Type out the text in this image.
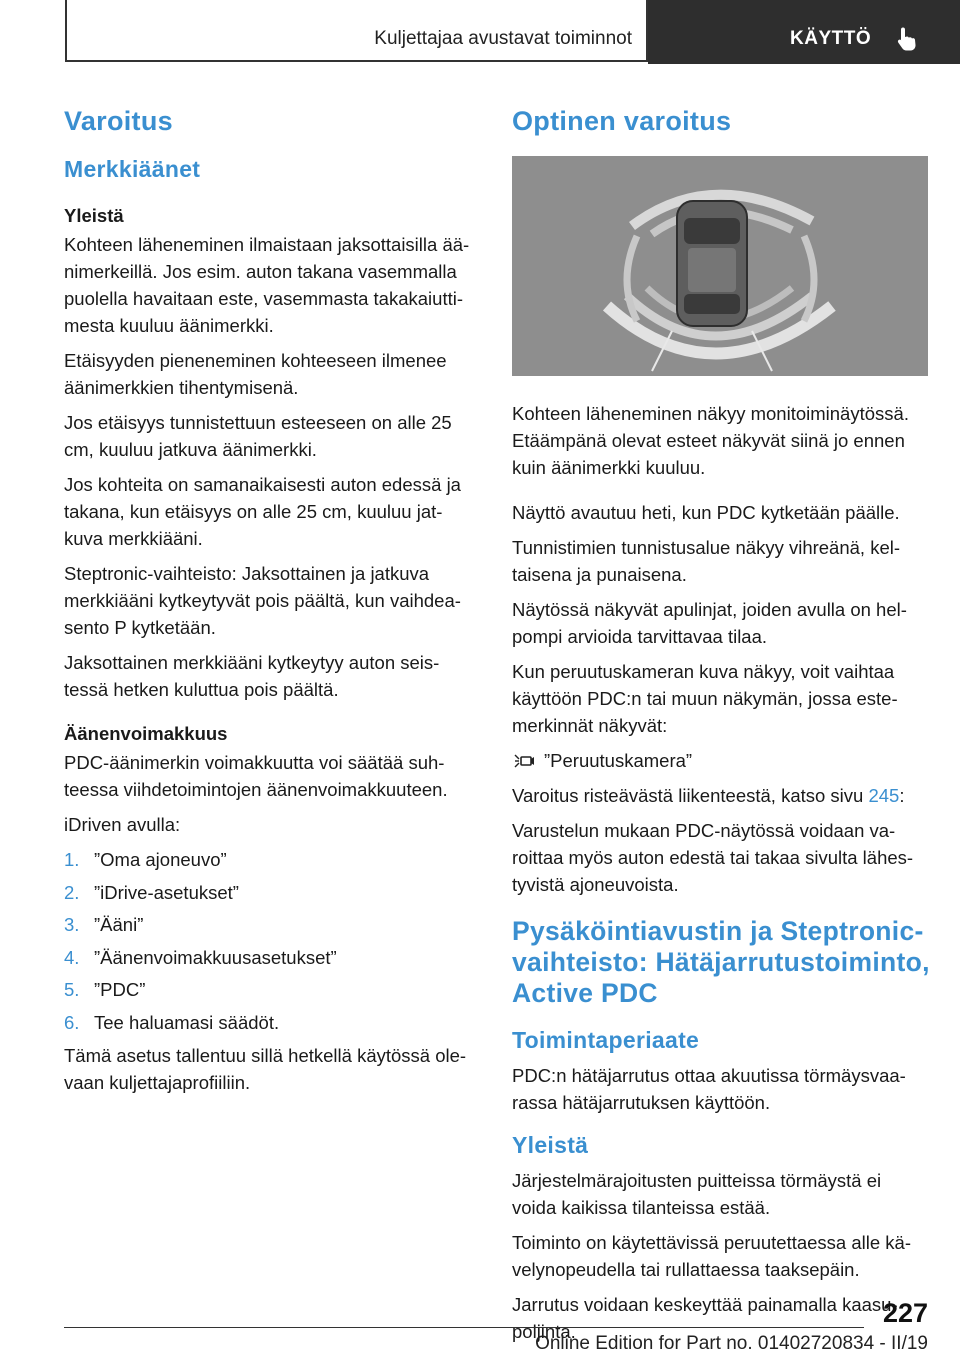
Kuljettajaa avustavat toiminnot	KÄYTTÖ
Varoitus
Merkkiäänet
Yleistä

Kohteen läheneminen ilmaistaan jaksottaisilla ää‐ nimerkeillä. Jos esim. auton takana vasemmalla puolella havaitaan este, vasemmasta takakaiutti‐ mesta kuuluu äänimerkki.

Etäisyyden pieneneminen kohteeseen ilmenee äänimerkkien tihentymisenä.

Jos etäisyys tunnistettuun esteeseen on alle 25 cm, kuuluu jatkuva äänimerkki.

Jos kohteita on samanaikaisesti auton edessä ja takana, kun etäisyys on alle 25 cm, kuuluu jat‐ kuva merkkiääni.

Steptronic-vaihteisto: Jaksottainen ja jatkuva merkkiääni kytkeytyvät pois päältä, kun vaihdea‐ sento P kytketään.

Jaksottainen merkkiääni kytkeytyy auton seis‐ tessä hetken kuluttua pois päältä.

Äänenvoimakkuus

PDC-äänimerkin voimakkuutta voi säätää suh‐ teessa viihdetoimintojen äänenvoimakkuuteen.

iDriven avulla:

1. ”Oma ajoneuvo”
2. ”iDrive-asetukset”
3. ”Ääni”
4. ”Äänenvoimakkuusasetukset”
5. ”PDC”
6. Tee haluamasi säädöt.

Tämä asetus tallentuu sillä hetkellä käytössä ole‐ vaan kuljettajaprofiiliin.

Optinen varoitus

Kohteen läheneminen näkyy monitoiminäytössä. Etäämpänä olevat esteet näkyvät siinä jo ennen kuin äänimerkki kuuluu.

Näyttö avautuu heti, kun PDC kytketään päälle.

Tunnistimien tunnistusalue näkyy vihreänä, kel‐ taisena ja punaisena.

Näytössä näkyvät apulinjat, joiden avulla on hel‐ pompi arvioida tarvittavaa tilaa.

Kun peruutuskameran kuva näkyy, voit vaihtaa käyttöön PDC:n tai muun näkymän, jossa este‐ merkinnät näkyvät:

”Peruutuskamera”

Varoitus risteävästä liikenteestä, katso sivu 245:

Varustelun mukaan PDC-näytössä voidaan va‐ roittaa myös auton edestä tai takaa sivulta lähes‐ tyvistä ajoneuvoista.

Pysäköintiavustin ja Steptronic-vaihteisto: Hätäjarrutustoiminto, Active PDC
Toimintaperiaate

PDC:n hätäjarrutus ottaa akuutissa törmäysvaa‐ rassa hätäjarrutuksen käyttöön.

Yleistä

Järjestelmärajoitusten puitteissa törmäystä ei voida kaikissa tilanteissa estää.

Toiminto on käytettävissä peruutettaessa alle kä‐ velynopeudella tai rullattaessa taaksepäin.

Jarrutus voidaan keskeyttää painamalla kaasu‐ poljinta.

227
Online Edition for Part no. 01402720834 - II/19
